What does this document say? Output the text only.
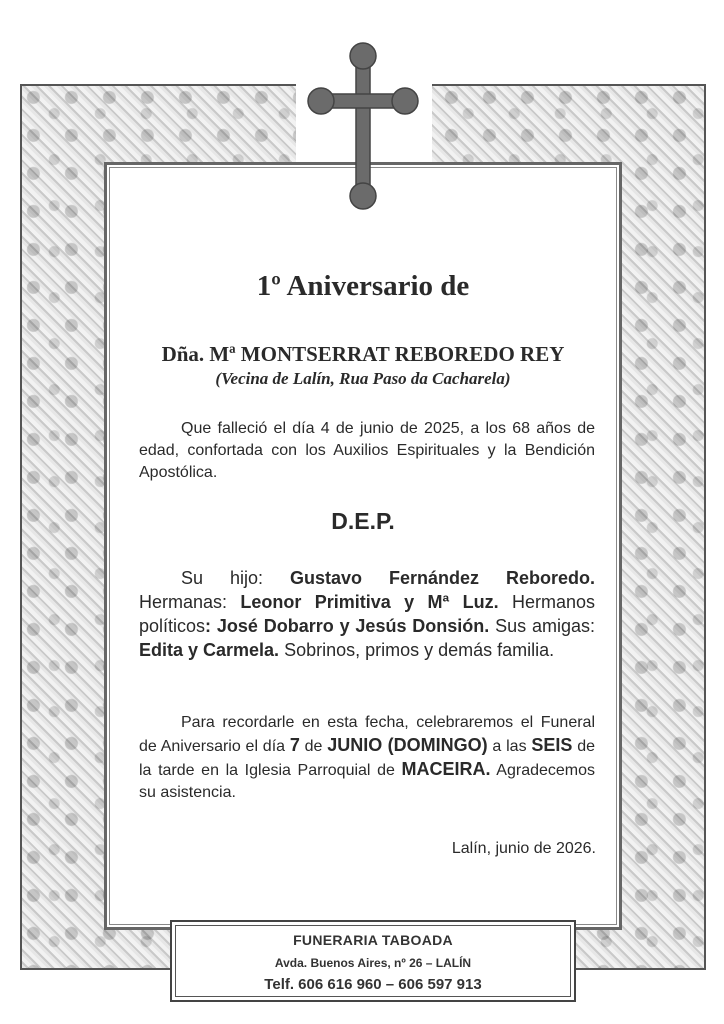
1º Aniversario de
Dña. Mª MONTSERRAT REBOREDO REY
(Vecina de Lalín, Rua Paso da Cacharela)
Que falleció el día 4 de junio de 2025, a los 68 años de edad, confortada con los Auxilios Espirituales y la Bendición Apostólica.
D.E.P.
Su hijo: Gustavo Fernández Reboredo. Hermanas: Leonor Primitiva y Mª Luz. Hermanos políticos: José Dobarro y Jesús Donsión. Sus amigas: Edita y Carmela. Sobrinos, primos y demás familia.
Para recordarle en esta fecha, celebraremos el Funeral de Aniversario el día 7 de JUNIO (DOMINGO) a las SEIS de la tarde en la Iglesia Parroquial de MACEIRA. Agradecemos su asistencia.
Lalín, junio de 2026.
FUNERARIA TABOADA
Avda. Buenos Aires, nº 26 – LALÍN
Telf. 606 616 960 – 606 597 913
